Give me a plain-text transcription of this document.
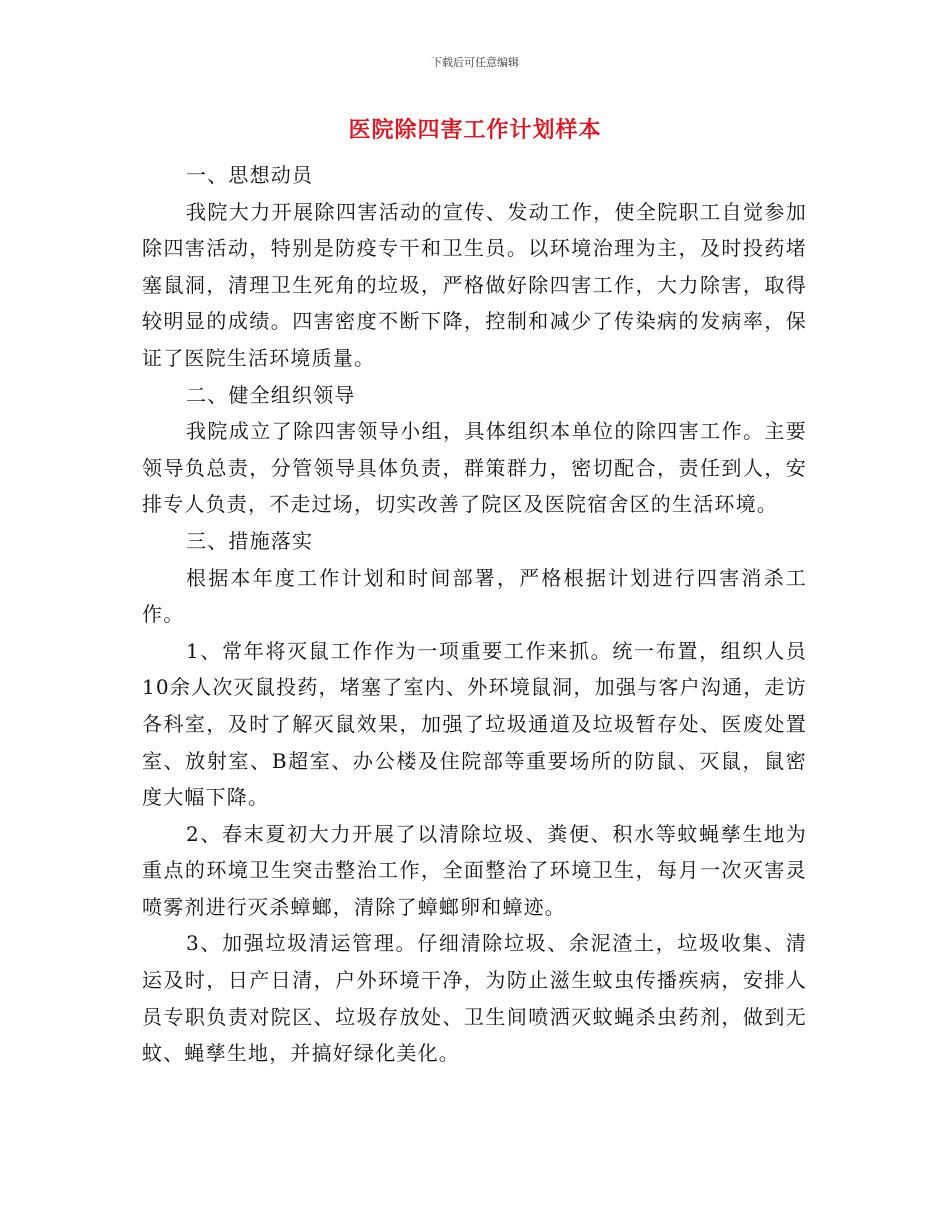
下载后可任意编辑
医院除四害工作计划样本

一、思想动员

我院大力开展除四害活动的宣传、发动工作，使全院职工自觉参加除四害活动，特别是防疫专干和卫生员。以环境治理为主，及时投药堵塞鼠洞，清理卫生死角的垃圾，严格做好除四害工作，大力除害，取得较明显的成绩。四害密度不断下降，控制和减少了传染病的发病率，保证了医院生活环境质量。

二、健全组织领导

我院成立了除四害领导小组，具体组织本单位的除四害工作。主要领导负总责，分管领导具体负责，群策群力，密切配合，责任到人，安排专人负责，不走过场，切实改善了院区及医院宿舍区的生活环境。

三、措施落实

根据本年度工作计划和时间部署，严格根据计划进行四害消杀工作。

1、常年将灭鼠工作作为一项重要工作来抓。统一布置，组织人员10余人次灭鼠投药，堵塞了室内、外环境鼠洞，加强与客户沟通，走访各科室，及时了解灭鼠效果，加强了垃圾通道及垃圾暂存处、医废处置室、放射室、B超室、办公楼及住院部等重要场所的防鼠、灭鼠，鼠密度大幅下降。

2、春末夏初大力开展了以清除垃圾、粪便、积水等蚊蝇孳生地为重点的环境卫生突击整治工作，全面整治了环境卫生，每月一次灭害灵喷雾剂进行灭杀蟑螂，清除了蟑螂卵和蟑迹。

3、加强垃圾清运管理。仔细清除垃圾、余泥渣土，垃圾收集、清运及时，日产日清，户外环境干净，为防止滋生蚊虫传播疾病，安排人员专职负责对院区、垃圾存放处、卫生间喷洒灭蚊蝇杀虫药剂，做到无蚊、蝇孳生地，并搞好绿化美化。
